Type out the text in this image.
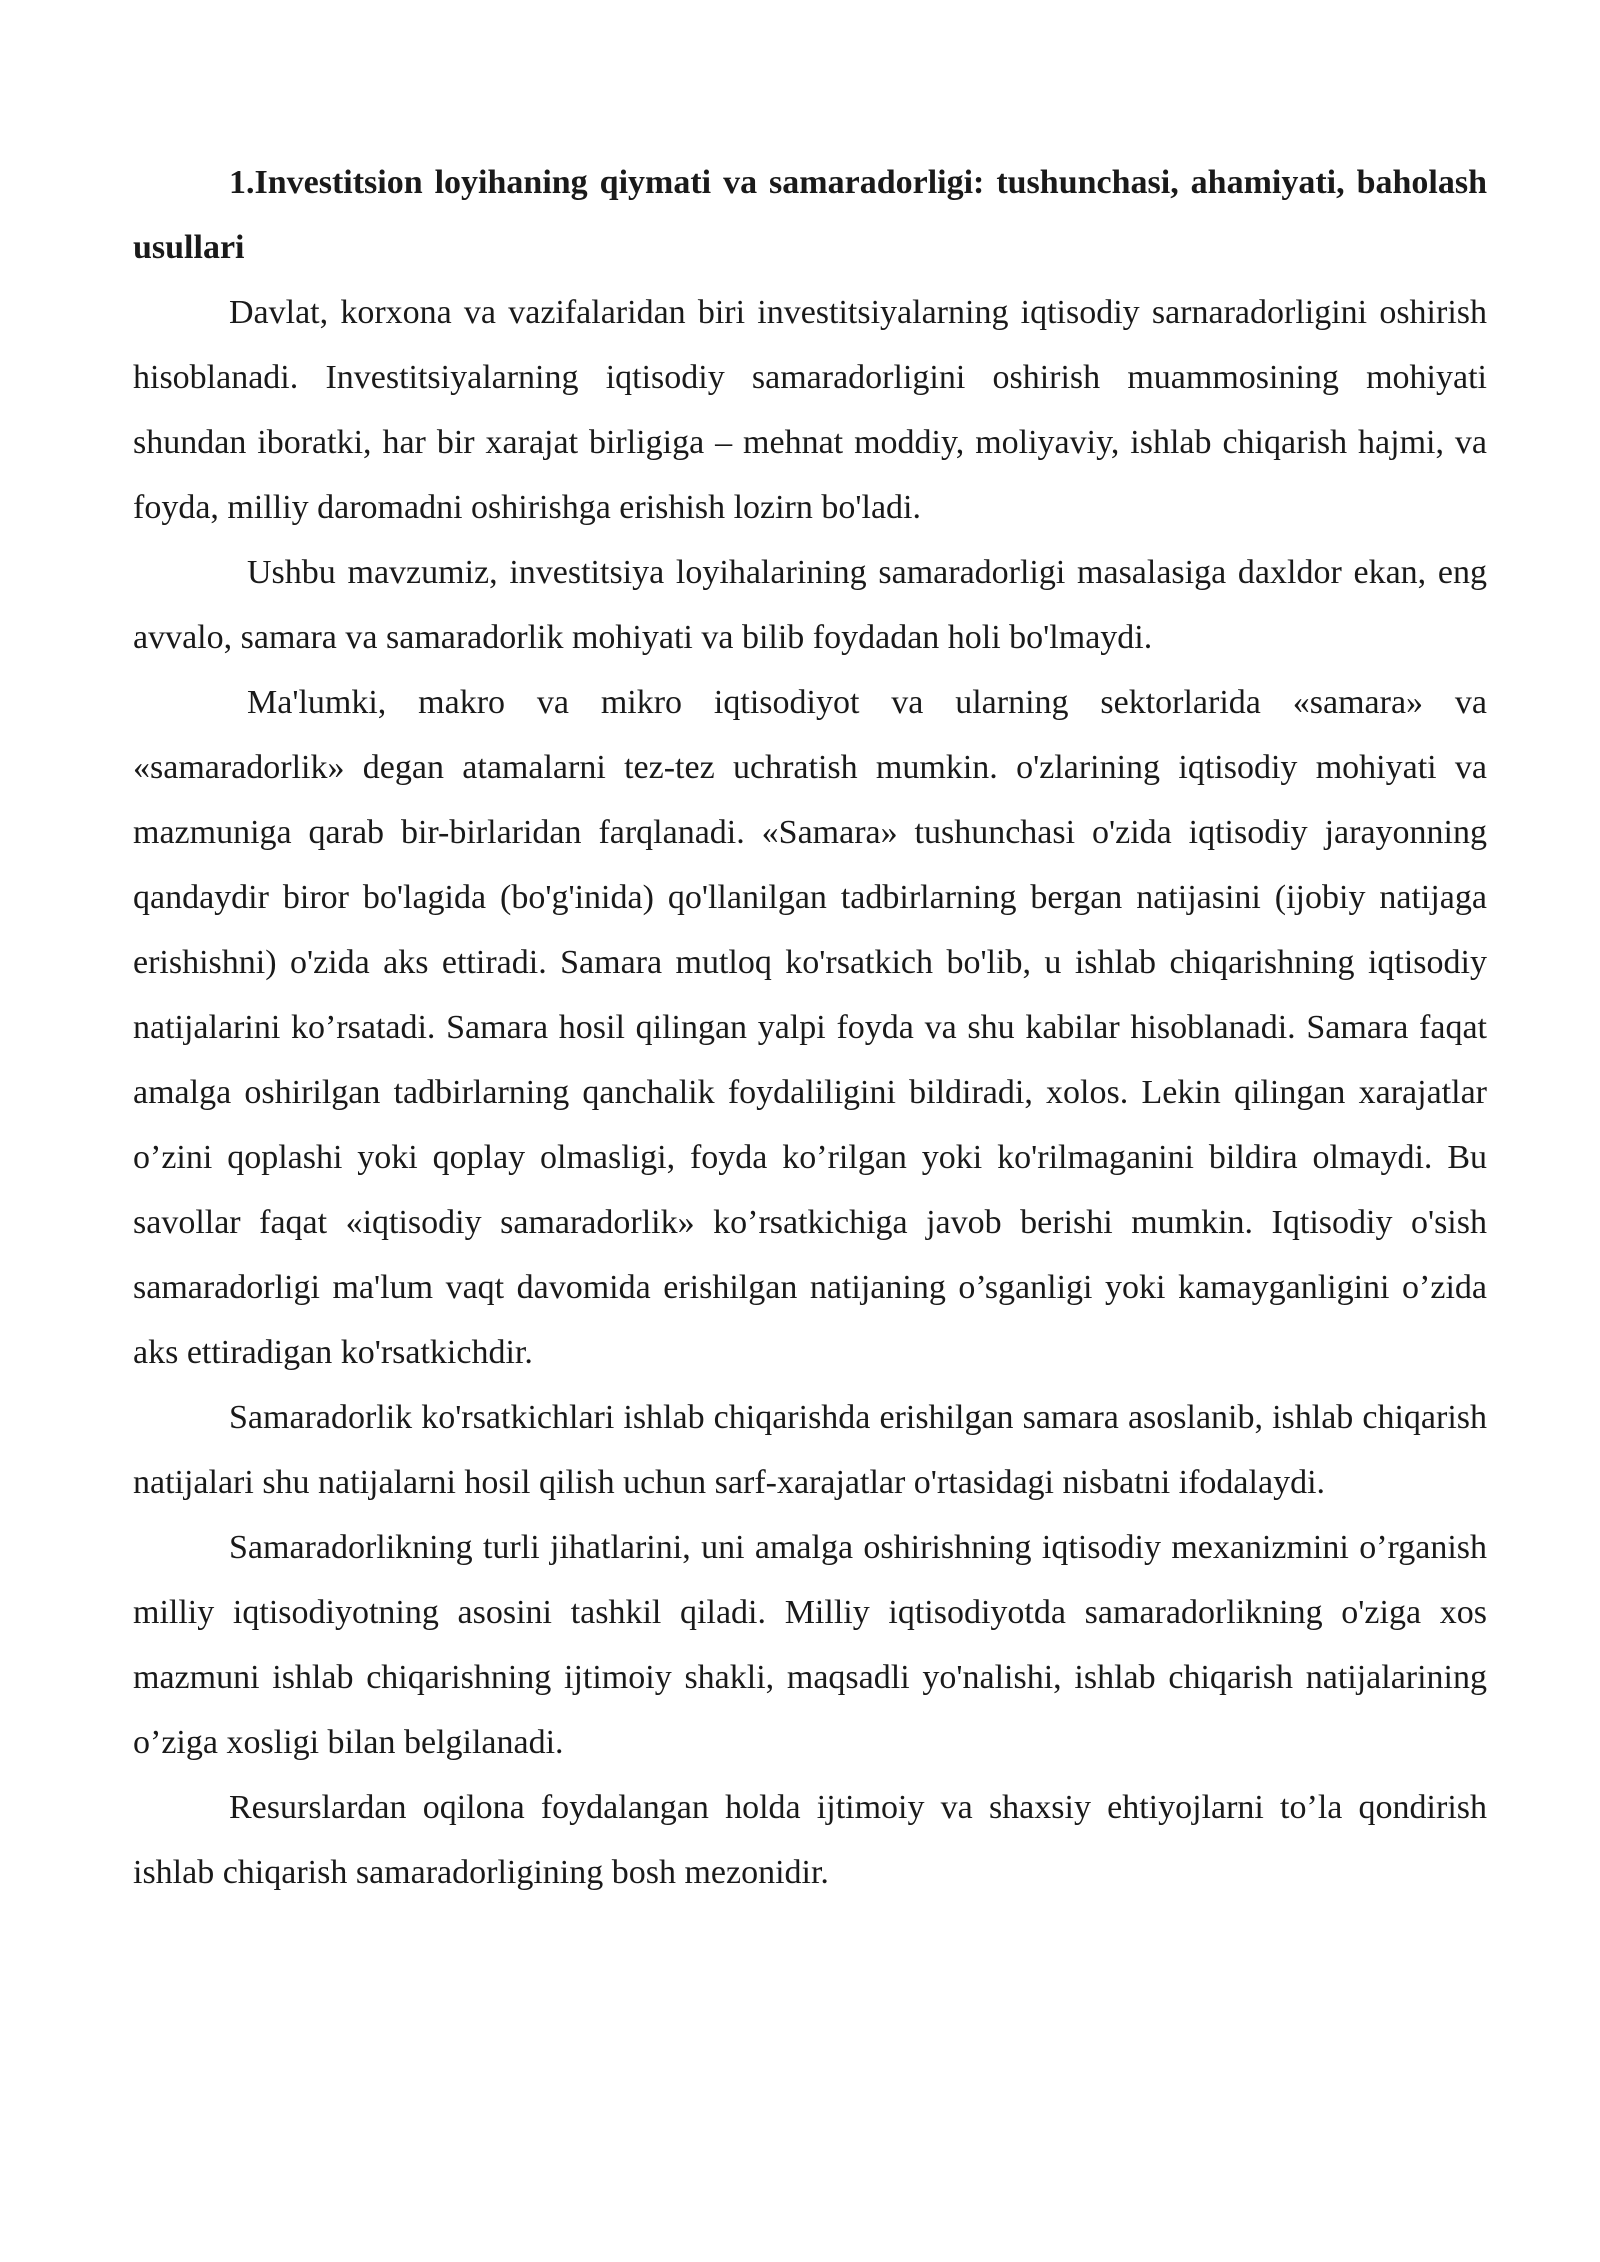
1.Investitsion loyihaning qiymati va samaradorligi: tushunchasi, ahamiyati, baholash usullari

Davlat, korxona va vazifalaridan biri investitsiyalarning iqtisodiy sarnaradorligini oshirish hisoblanadi. Investitsiyalarning iqtisodiy samaradorligini oshirish muammosining mohiyati shundan iboratki, har bir xarajat birligiga – mehnat moddiy, moliyaviy, ishlab chiqarish hajmi, va foyda, milliy daromadni oshirishga erishish lozirn bo'ladi.

Ushbu mavzumiz, investitsiya loyihalarining samaradorligi masalasiga daxldor ekan, eng avvalo, samara va samaradorlik mohiyati va bilib foydadan holi bo'lmaydi.

Ma'lumki, makro va mikro iqtisodiyot va ularning sektorlarida «samara» va «samaradorlik» degan atamalarni tez-tez uchratish mumkin. o'zlarining iqtisodiy mohiyati va mazmuniga qarab bir-birlaridan farqlanadi. «Samara» tushunchasi o'zida iqtisodiy jarayonning qandaydir biror bo'lagida (bo'g'inida) qo'llanilgan tadbirlarning bergan natijasini (ijobiy natijaga erishishni) o'zida aks ettiradi. Samara mutloq ko'rsatkich bo'lib, u ishlab chiqarishning iqtisodiy natijalarini ko’rsatadi. Samara hosil qilingan yalpi foyda va shu kabilar hisoblanadi. Samara faqat amalga oshirilgan tadbirlarning qanchalik foydaliligini bildiradi, xolos. Lekin qilingan xarajatlar o’zini qoplashi yoki qoplay olmasligi, foyda ko’rilgan yoki ko'rilmaganini bildira olmaydi. Bu savollar faqat «iqtisodiy samaradorlik» ko’rsatkichiga javob berishi mumkin. Iqtisodiy o'sish samaradorligi ma'lum vaqt davomida erishilgan natijaning o’sganligi yoki kamayganligini o’zida aks ettiradigan ko'rsatkichdir.

Samaradorlik ko'rsatkichlari ishlab chiqarishda erishilgan samara asoslanib, ishlab chiqarish natijalari shu natijalarni hosil qilish uchun sarf-xarajatlar o'rtasidagi nisbatni ifodalaydi.

Samaradorlikning turli jihatlarini, uni amalga oshirishning iqtisodiy mexanizmini o’rganish milliy iqtisodiyotning asosini tashkil qiladi. Milliy iqtisodiyotda samaradorlikning o'ziga xos mazmuni ishlab chiqarishning ijtimoiy shakli, maqsadli yo'nalishi, ishlab chiqarish natijalarining o’ziga xosligi bilan belgilanadi.

Resurslardan oqilona foydalangan holda ijtimoiy va shaxsiy ehtiyojlarni to’la qondirish ishlab chiqarish samaradorligining bosh mezonidir.
